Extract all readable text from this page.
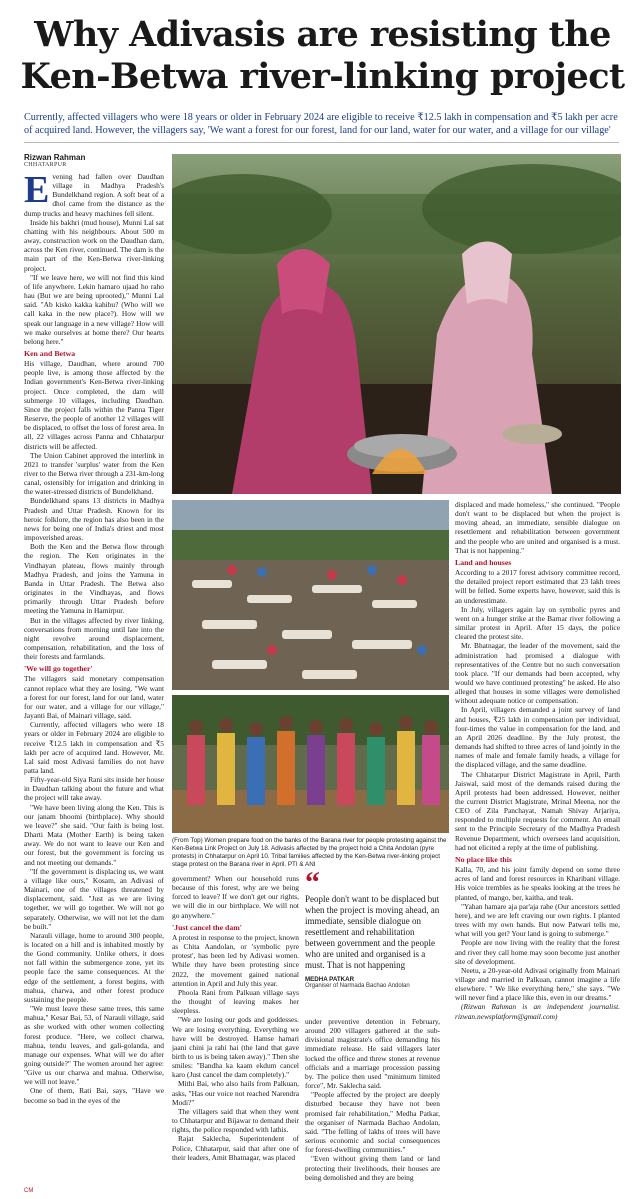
Why Adivasis are resisting the Ken-Betwa river-linking project
Currently, affected villagers who were 18 years or older in February 2024 are eligible to receive ₹12.5 lakh in compensation and ₹5 lakh per acre of acquired land. However, the villagers say, 'We want a forest for our forest, land for our land, water for our water, and a village for our village'
Rizwan Rahman
CHHATARPUR

Evening had fallen over Daudhan village in Madhya Pradesh's Bundelkhand region. A soft beat of a dhol came from the distance as the dump trucks and heavy machines fell silent.

Inside his bakhri (mud house), Munni Lal sat chatting with his neighbours. About 500 m away, construction work on the Daudhan dam, across the Ken river, continued. The dam is the main part of the Ken-Betwa river-linking project.

"If we leave here, we will not find this kind of life anywhere. Lekin hamaro ujaad ho raho hau (But we are being uprooted)," Munni Lal said. "Ab kisko kakka kahibu? (Who will we call kaka in the new place?). How will we speak our language in a new village? How will we make ourselves at home there? Our hearts belong here."

Ken and Betwa

His village, Daudhan, where around 700 people live, is among those affected by the Indian government's Ken-Betwa river-linking project. Once completed, the dam will submerge 10 villages, including Daudhan. Since the project falls within the Panna Tiger Reserve, the people of another 12 villages will be displaced, to offset the loss of forest area. In all, 22 villages across Panna and Chhatarpur districts will be affected.

The Union Cabinet approved the interlink in 2021 to transfer 'surplus' water from the Ken river to the Betwa river through a 231-km-long canal, ostensibly for irrigation and drinking in the water-stressed districts of Bundelkhand.

Bundelkhand spans 13 districts in Madhya Pradesh and Uttar Pradesh. Known for its heroic folklore, the region has also been in the news for being one of India's driest and most impoverished areas.

Both the Ken and the Betwa flow through the region. The Ken originates in the Vindhayan plateau, flows mainly through Madhya Pradesh, and joins the Yamuna in Banda in Uttar Pradesh. The Betwa also originates in the Vindhayas, and flows primarily through Uttar Pradesh before meeting the Yamuna in Hamirpur.

But in the villages affected by river linking, conversations from morning until late into the night revolve around displacement, compensation, rehabilitation, and the loss of their forests and farmlands.

'We will go together'

The villagers said monetary compensation cannot replace what they are losing. "We want a forest for our forest, land for our land, water for our water, and a village for our village," Jayanti Bai, of Mainari village, said.

Currently, affected villagers who were 18 years or older in February 2024 are eligible to receive ₹12.5 lakh in compensation and ₹5 lakh per acre of acquired land. However, Mr. Lal said most Adivasi families do not have patta land.

Fifty-year-old Siya Rani sits inside her house in Daudhan talking about the future and what the project will take away.

"We have been living along the Ken. This is our janam bhoomi (birthplace). Why should we leave?" she said. "Our faith is being lost. Dharti Mata (Mother Earth) is being taken away. We do not want to leave our Ken and our forest, but the government is forcing us and not meeting our demands."

"If the government is displacing us, we want a village like ours," Kosam, an Adivasi of Mainari, one of the villages threatened by displacement, said. "Just as we are living together, we will go together. We will not go separately. Otherwise, we will not let the dam be built."

Narauli village, home to around 300 people, is located on a hill and is inhabited mostly by the Gond community. Unlike others, it does not fall within the submergence zone, yet its people face the same consequences. At the edge of the settlement, a forest begins, with mahua, charwa, and other forest produce sustaining the people.

"We must leave these same trees, this same mahua," Kesar Bai, 53, of Narauli village, said as she worked with other women collecting forest produce. "Here, we collect charwa, mahua, tendu leaves, and gali-golanda, and manage our expenses. What will we do after going outside?" The women around her agree: "Give us our charwa and mahua. Otherwise, we will not leave."

One of them, Rati Bai, says, "Have we become so bad in the eyes of the

(From Top) Women prepare food on the banks of the Barana river for people protesting against the Ken-Betwa Link Project on July 18. Adivasis affected by the project hold a Chita Andolan (pyre protests) in Chhatarpur on April 10. Tribal families affected by the Ken-Betwa river-linking project stage protest on the Barana river in April. PTI & ANI

government? When our household runs because of this forest, why are we being forced to leave? If we don't get our rights, we will die in our birthplace. We will not go anywhere."

'Just cancel the dam'

A protest in response to the project, known as Chita Aandolan, or 'symbolic pyre protest', has been led by Adivasi women. While they have been protesting since 2022, the movement gained national attention in April and July this year.

Phoola Rani from Palkuan village says the thought of leaving makes her sleepless.

"We are losing our gods and goddesses. We are losing everything. Everything we have will be destroyed. Hamse hamari jaani chini ja rahi hai (the land that gave birth to us is being taken away)." Then she smiles: "Bandha ka kaam ekdum cancel karo (Just cancel the dam completely)."

Mithi Bai, who also hails from Palkuan, asks, "Has our voice not reached Narendra Modi?"

The villagers said that when they went to Chhatarpur and Bijawar to demand their rights, the police responded with lathis.

Rajat Saklecha, Superintendent of Police, Chhatarpur, said that after one of their leaders, Amit Bhatnagar, was placed

“
People don't want to be displaced but when the project is moving ahead, an immediate, sensible dialogue on resettlement and rehabilitation between government and the people who are united and organised is a must. That is not happening
MEDHA PATKAR
Organiser of Narmada Bachao Andolan

under preventive detention in February, around 200 villagers gathered at the sub-divisional magistrate's office demanding his immediate release. He said villagers later locked the office and threw stones at revenue officials and a marriage procession passing by. The police then used "minimum limited force", Mr. Saklecha said.

"People affected by the project are deeply disturbed because they have not been promised fair rehabilitation," Medha Patkar, the organiser of Narmada Bachao Andolan, said. "The felling of lakhs of trees will have serious economic and social consequences for forest-dwelling communities."

"Even without giving them land or land protecting their livelihoods, their houses are being demolished and they are being

displaced and made homeless," she continued. "People don't want to be displaced but when the project is moving ahead, an immediate, sensible dialogue on resettlement and rehabilitation between government and the people who are united and organised is a must. That is not happening."

Land and houses

According to a 2017 forest advisory committee record, the detailed project report estimated that 23 lakh trees will be felled. Some experts have, however, said this is an underestimate.

In July, villagers again lay on symbolic pyres and went on a hunger strike at the Barnar river following a similar protest in April. After 15 days, the police cleared the protest site.

Mr. Bhatnagar, the leader of the movement, said the administration had promised a dialogue with representatives of the Centre but no such conversation took place. "If our demands had been accepted, why would we have continued protesting" he asked. He also alleged that houses in some villages were demolished without adequate notice or compensation.

In April, villagers demanded a joint survey of land and houses, ₹25 lakh in compensation per individual, four-times the value in compensation for the land, and an April 2026 deadline. By the July protest, the demands had shifted to three acres of land jointly in the names of male and female family heads, a village for the displaced village, and the same deadline.

The Chhatarpur District Magistrate in April, Parth Jaiswal, said most of the demands raised during the April protests had been addressed. However, neither the current District Magistrate, Mrinal Meena, nor the CEO of Zila Panchayat, Namah Shivay Arjariya, responded to multiple requests for comment. An email sent to the Principle Secretary of the Madhya Pradesh Revenue Department, which oversees land acquisition, had not elicited a reply at the time of publishing.

No place like this

Kalla, 70, and his joint family depend on some three acres of land and forest resources in Kharibani village. His voice trembles as he speaks looking at the trees he planted, of mango, ber, kaitha, and teak.

"Yahan hamare aja par'aja rahe (Our ancestors settled here), and we are left craving our own rights. I planted trees with my own hands. But now Patwari tells me, what will you get? Your land is going to submerge."

People are now living with the reality that the forest and river they call home may soon become just another site of development.

Neetu, a 20-year-old Adivasi originally from Mainari village and married in Palkuan, cannot imagine a life elsewhere. " We like everything here," she says. "We will never find a place like this, even in our dreams."

(Rizwan Rahman is an independent journalist. rizwan.newsplatform@gmail.com)

CM
